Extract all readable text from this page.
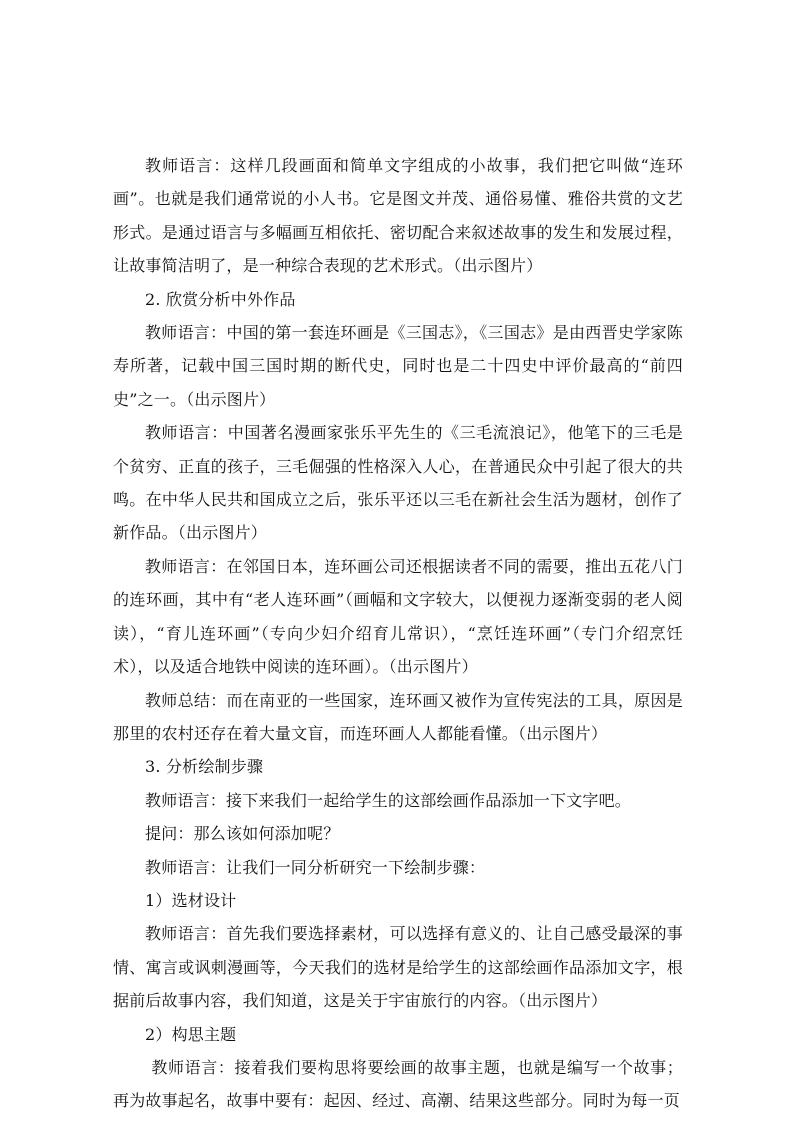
教师语言：这样几段画面和简单文字组成的小故事，我们把它叫做“连环画”。也就是我们通常说的小人书。它是图文并茂、通俗易懂、雅俗共赏的文艺形式。是通过语言与多幅画互相依托、密切配合来叙述故事的发生和发展过程，让故事简洁明了，是一种综合表现的艺术形式。（出示图片）

2. 欣赏分析中外作品

教师语言：中国的第一套连环画是《三国志》，《三国志》是由西晋史学家陈寿所著，记载中国三国时期的断代史，同时也是二十四史中评价最高的“前四史”之一。（出示图片）

教师语言：中国著名漫画家张乐平先生的《三毛流浪记》，他笔下的三毛是个贫穷、正直的孩子，三毛倔强的性格深入人心，在普通民众中引起了很大的共鸣。在中华人民共和国成立之后，张乐平还以三毛在新社会生活为题材，创作了新作品。（出示图片）

教师语言：在邻国日本，连环画公司还根据读者不同的需要，推出五花八门的连环画，其中有“老人连环画”（画幅和文字较大，以便视力逐渐变弱的老人阅读），“育儿连环画”（专向少妇介绍育儿常识），“烹饪连环画”（专门介绍烹饪术），以及适合地铁中阅读的连环画）。（出示图片）

教师总结：而在南亚的一些国家，连环画又被作为宣传宪法的工具，原因是那里的农村还存在着大量文盲，而连环画人人都能看懂。（出示图片）

3. 分析绘制步骤

教师语言：接下来我们一起给学生的这部绘画作品添加一下文字吧。

提问：那么该如何添加呢？

教师语言：让我们一同分析研究一下绘制步骤：

1）选材设计

教师语言：首先我们要选择素材，可以选择有意义的、让自己感受最深的事情、寓言或讽刺漫画等，今天我们的选材是给学生的这部绘画作品添加文字，根据前后故事内容，我们知道，这是关于宇宙旅行的内容。（出示图片）

2）构思主题

教师语言：接着我们要构思将要绘画的故事主题，也就是编写一个故事；再为故事起名，故事中要有：起因、经过、高潮、结果这些部分。同时为每一页
